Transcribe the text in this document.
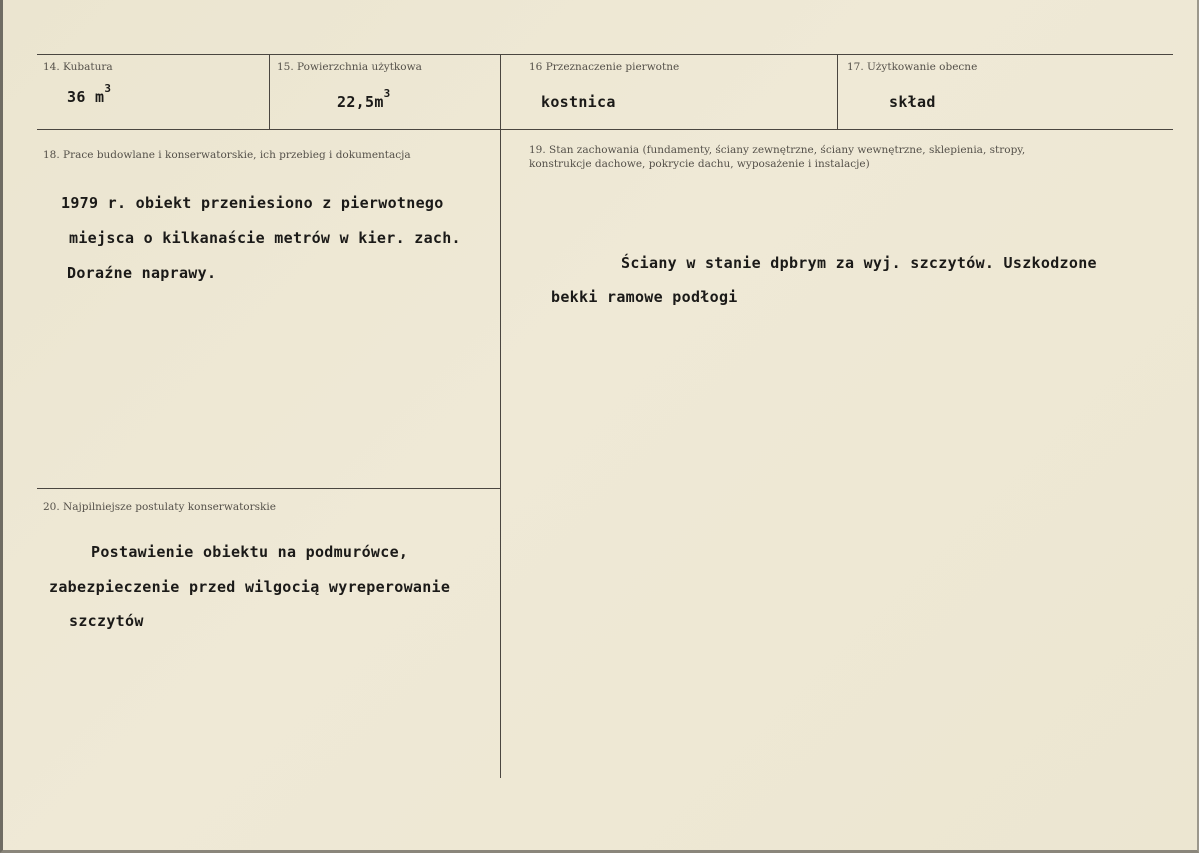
14. Kubatura
36 $m^3$
15. Powierzchnia użytkowa
$22,5m^3$
16 Przeznaczenie pierwotne
kostnica
17. Użytkowanie obecne
skład
18. Prace budowlane i konserwatorskie, ich przebieg i dokumentacja
1979 r. obiekt przeniesiono z pierwotnego
miejsca o kilkanaście metrów w kier. zach.
Doraźne naprawy.
19. Stan zachowania (fundamenty, ściany zewnętrzne, ściany wewnętrzne, sklepienia, stropy,
konstrukcje dachowe, pokrycie dachu, wyposażenie i instalacje)
Ściany w stanie dpbrym za wyj. szczytów. Uszkodzone
bekki ramowe podłogi
20. Najpilniejsze postulaty konserwatorskie
Postawienie obiektu na podmurówce,
zabezpieczenie przed wilgocią wyreperowanie
szczytów
